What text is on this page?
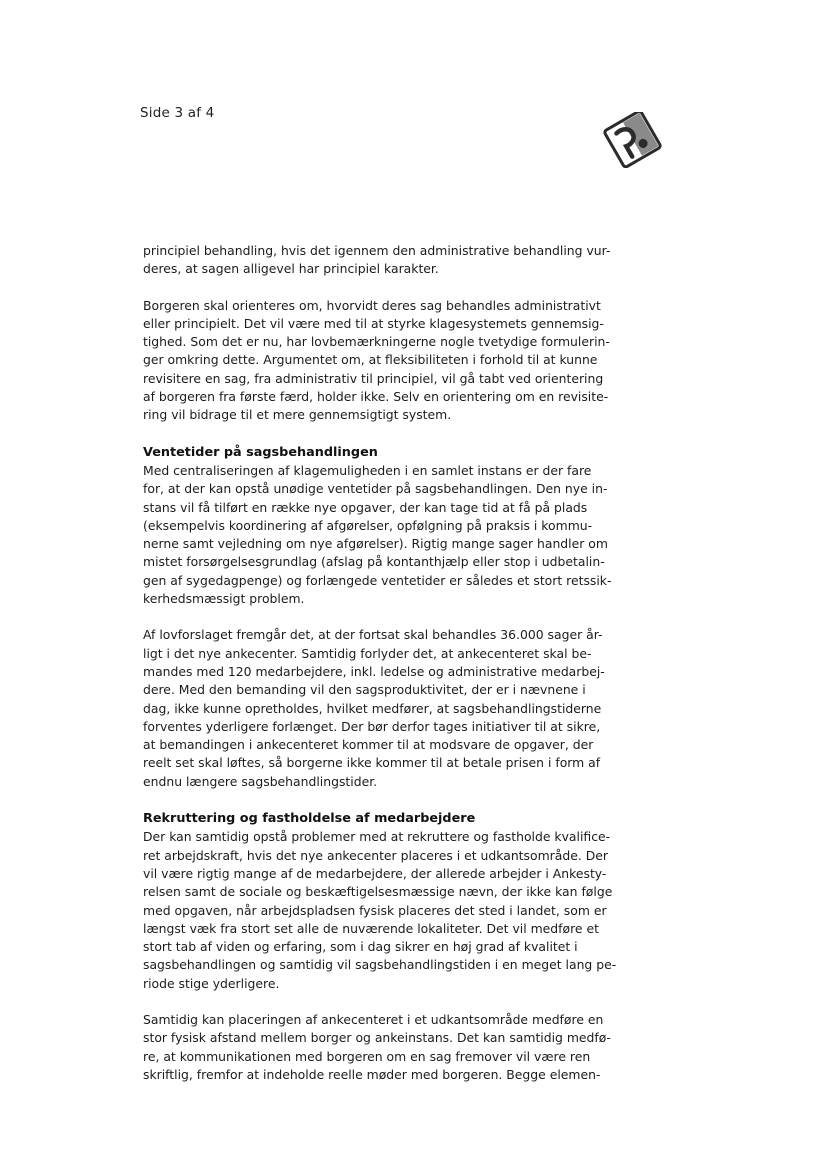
Side 3 af 4

principiel behandling, hvis det igennem den administrative behandling vur-

deres, at sagen alligevel har principiel karakter.

Borgeren skal orienteres om, hvorvidt deres sag behandles administrativt

eller principielt. Det vil være med til at styrke klagesystemets gennemsig-

tighed. Som det er nu, har lovbemærkningerne nogle tvetydige formulerin-

ger omkring dette. Argumentet om, at fleksibiliteten i forhold til at kunne

revisitere en sag, fra administrativ til principiel, vil gå tabt ved orientering

af borgeren fra første færd, holder ikke. Selv en orientering om en revisite-

ring vil bidrage til et mere gennemsigtigt system.

Ventetider på sagsbehandlingen

Med centraliseringen af klagemuligheden i en samlet instans er der fare

for, at der kan opstå unødige ventetider på sagsbehandlingen. Den nye in-

stans vil få tilført en række nye opgaver, der kan tage tid at få på plads

(eksempelvis koordinering af afgørelser, opfølgning på praksis i kommu-

nerne samt vejledning om nye afgørelser). Rigtig mange sager handler om

mistet forsørgelsesgrundlag (afslag på kontanthjælp eller stop i udbetalin-

gen af sygedagpenge) og forlængede ventetider er således et stort retssik-

kerhedsmæssigt problem.

Af lovforslaget fremgår det, at der fortsat skal behandles 36.000 sager år-

ligt i det nye ankecenter. Samtidig forlyder det, at ankecenteret skal be-

mandes med 120 medarbejdere, inkl. ledelse og administrative medarbej-

dere. Med den bemanding vil den sagsproduktivitet, der er i nævnene i

dag, ikke kunne opretholdes, hvilket medfører, at sagsbehandlingstiderne

forventes yderligere forlænget. Der bør derfor tages initiativer til at sikre,

at bemandingen i ankecenteret kommer til at modsvare de opgaver, der

reelt set skal løftes, så borgerne ikke kommer til at betale prisen i form af

endnu længere sagsbehandlingstider.

Rekruttering og fastholdelse af medarbejdere

Der kan samtidig opstå problemer med at rekruttere og fastholde kvalifice-

ret arbejdskraft, hvis det nye ankecenter placeres i et udkantsområde. Der

vil være rigtig mange af de medarbejdere, der allerede arbejder i Ankesty-

relsen samt de sociale og beskæftigelsesmæssige nævn, der ikke kan følge

med opgaven, når arbejdspladsen fysisk placeres det sted i landet, som er

længst væk fra stort set alle de nuværende lokaliteter. Det vil medføre et

stort tab af viden og erfaring, som i dag sikrer en høj grad af kvalitet i

sagsbehandlingen og samtidig vil sagsbehandlingstiden i en meget lang pe-

riode stige yderligere.

Samtidig kan placeringen af ankecenteret i et udkantsområde medføre en

stor fysisk afstand mellem borger og ankeinstans. Det kan samtidig medfø-

re, at kommunikationen med borgeren om en sag fremover vil være ren

skriftlig, fremfor at indeholde reelle møder med borgeren. Begge elemen-
